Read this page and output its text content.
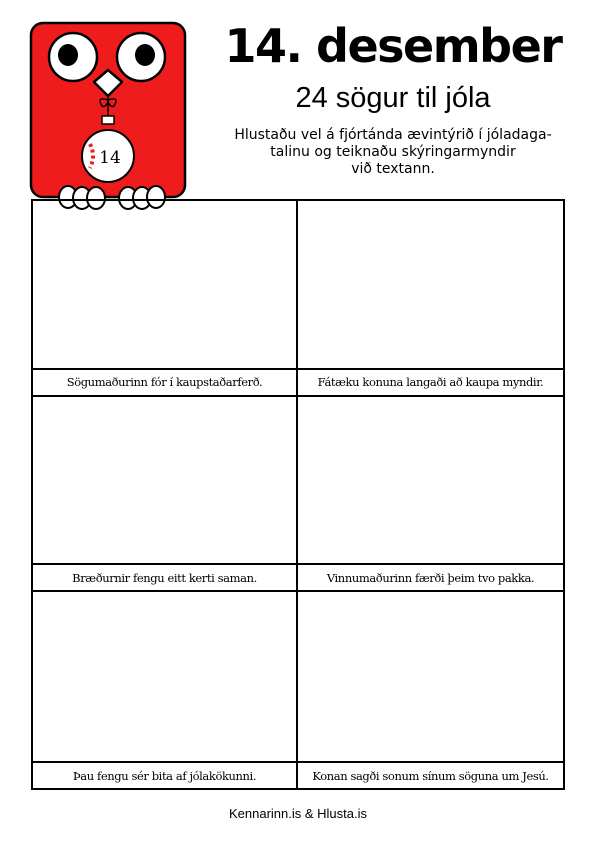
14
14. desember
24 sögur til jóla
Hlustaðu vel á fjórtánda ævintýrið í jóladaga-
talinu og teiknaðu skýringarmyndir
við textann.
Sögumaðurinn fór í kaupstaðarferð.	Fátæku konuna langaði að kaupa myndir.
Bræðurnir fengu eitt kerti saman.	Vinnumaðurinn færði þeim tvo pakka.
Þau fengu sér bita af jólakökunni.	Konan sagði sonum sínum söguna um Jesú.
Kennarinn.is & Hlusta.is
